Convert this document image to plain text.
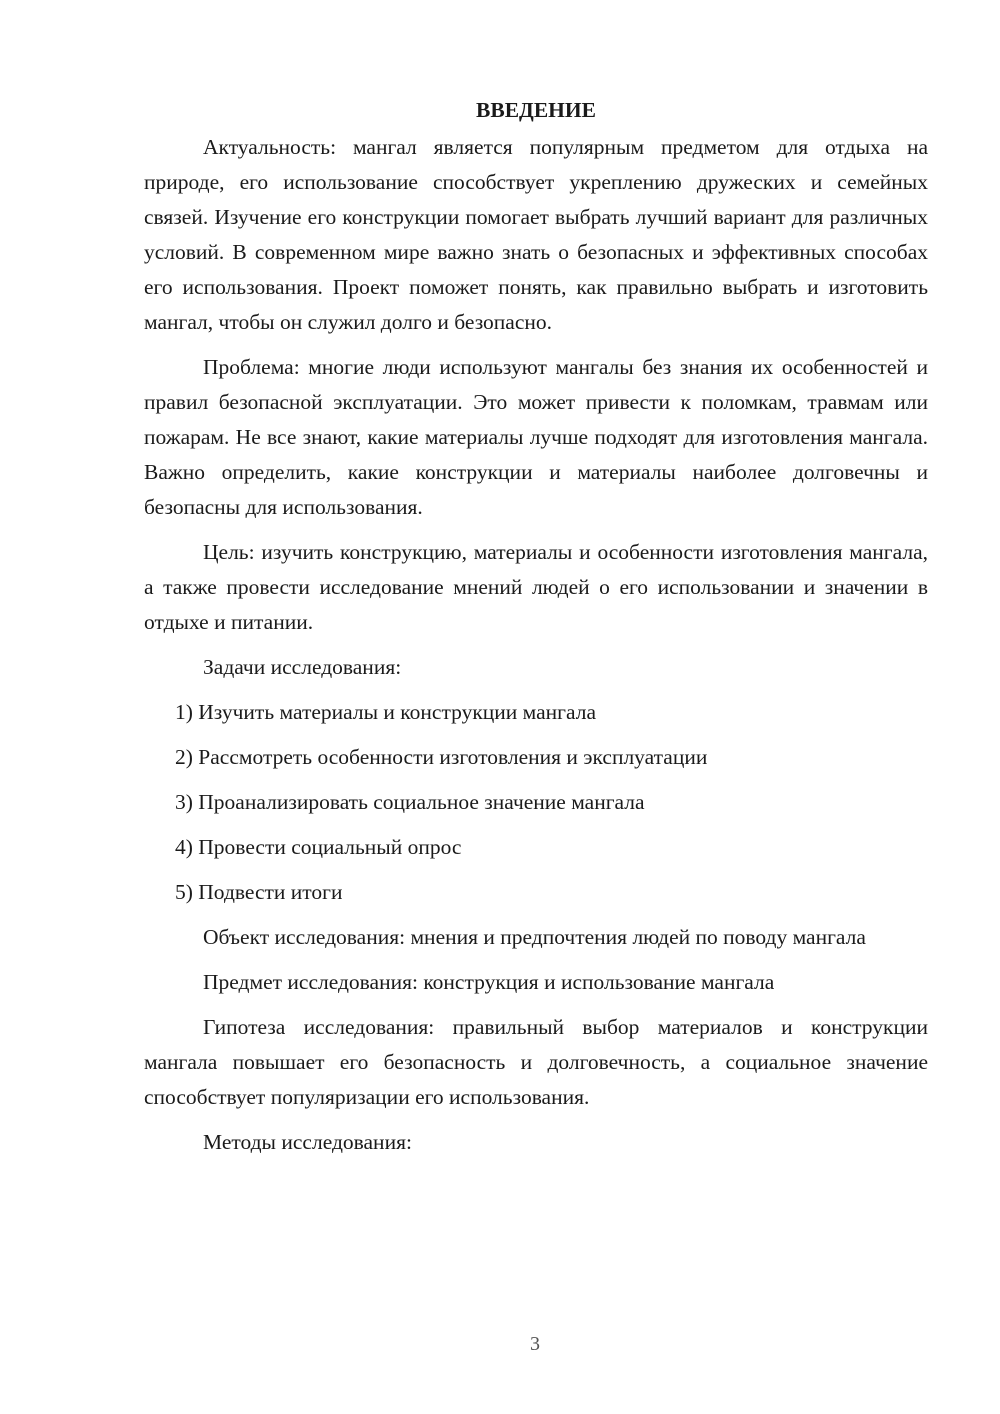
ВВЕДЕНИЕ

Актуальность: мангал является популярным предметом для отдыха на природе, его использование способствует укреплению дружеских и семейных связей. Изучение его конструкции помогает выбрать лучший вариант для различных условий. В современном мире важно знать о безопасных и эффективных способах его использования. Проект поможет понять, как правильно выбрать и изготовить мангал, чтобы он служил долго и безопасно.

Проблема: многие люди используют мангалы без знания их особенностей и правил безопасной эксплуатации. Это может привести к поломкам, травмам или пожарам. Не все знают, какие материалы лучше подходят для изготовления мангала. Важно определить, какие конструкции и материалы наиболее долговечны и безопасны для использования.

Цель: изучить конструкцию, материалы и особенности изготовления мангала, а также провести исследование мнений людей о его использовании и значении в отдыхе и питании.

Задачи исследования:

1) Изучить материалы и конструкции мангала
2) Рассмотреть особенности изготовления и эксплуатации
3) Проанализировать социальное значение мангала
4) Провести социальный опрос
5) Подвести итоги

Объект исследования: мнения и предпочтения людей по поводу мангала

Предмет исследования: конструкция и использование мангала

Гипотеза исследования: правильный выбор материалов и конструкции мангала повышает его безопасность и долговечность, а социальное значение способствует популяризации его использования.

Методы исследования:

3
